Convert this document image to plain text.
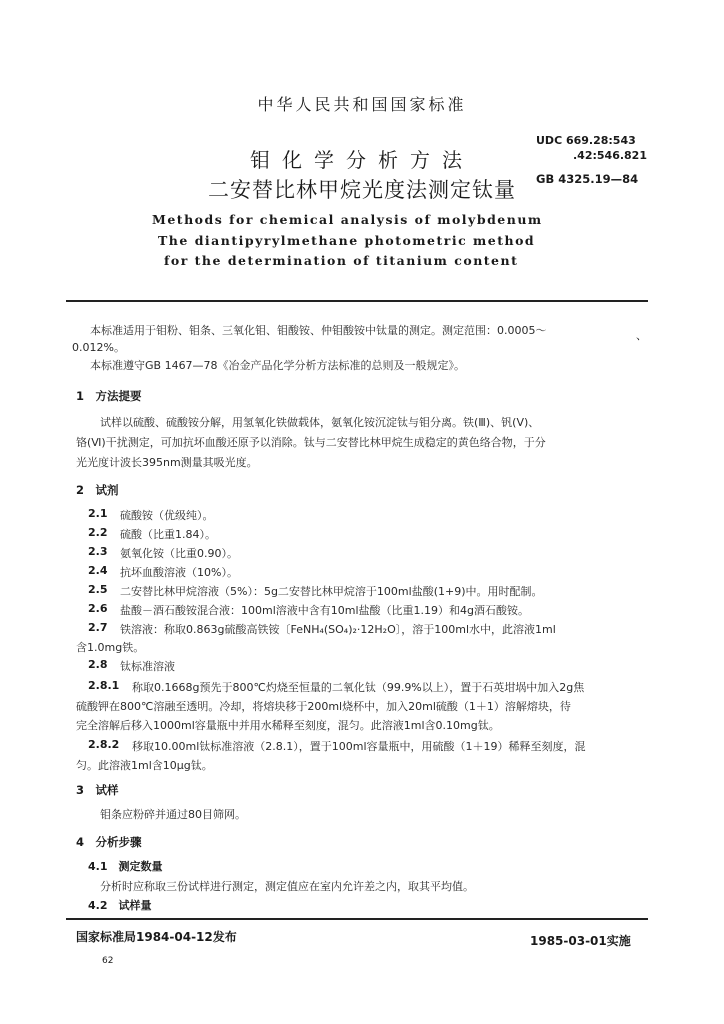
中华人民共和国国家标准
钼化学分析方法
二安替比林甲烷光度法测定钛量
Methods for chemical analysis of molybdenum
The diantipyrylmethane photometric method
for the determination of titanium content
UDC 669.28:543
.42:546.821
GB 4325.19—84
本标准适用于钼粉、钼条、三氧化钼、钼酸铵、仲钼酸铵中钛量的测定。测定范围：0.0005～	、
0.012%。
本标准遵守GB 1467—78《冶金产品化学分析方法标准的总则及一般规定》。
1　方法提要
试样以硫酸、硫酸铵分解，用氢氧化铁做载体，氨氧化铵沉淀钛与钼分离。铁(Ⅲ)、钒(Ⅴ)、
铬(Ⅵ)干扰测定，可加抗坏血酸还原予以消除。钛与二安替比林甲烷生成稳定的黄色络合物，于分
光光度计波长395nm测量其吸光度。
2　试剂
2.1 硫酸铵（优级纯）。
2.2 硫酸（比重1.84）。
2.3 氨氧化铵（比重0.90）。
2.4 抗坏血酸溶液（10%）。
2.5 二安替比林甲烷溶液（5%）：5g二安替比林甲烷溶于100ml盐酸(1+9)中。用时配制。
2.6 盐酸－酒石酸铵混合液：100ml溶液中含有10ml盐酸（比重1.19）和4g酒石酸铵。
2.7 铁溶液：称取0.863g硫酸高铁铵〔FeNH₄(SO₄)₂·12H₂O〕，溶于100ml水中，此溶液1ml
含1.0mg铁。
2.8 钛标准溶液
2.8.1 称取0.1668g预先于800℃灼烧至恒量的二氧化钛（99.9%以上），置于石英坩埚中加入2g焦
硫酸钾在800℃溶融至透明。冷却，将熔块移于200ml烧杯中，加入20ml硫酸（1＋1）溶解熔块，待
完全溶解后移入1000ml容量瓶中并用水稀释至刻度，混匀。此溶液1ml含0.10mg钛。
2.8.2 移取10.00ml钛标准溶液（2.8.1），置于100ml容量瓶中，用硫酸（1＋19）稀释至刻度，混
匀。此溶液1ml含10μg钛。
3　试样
钼条应粉碎并通过80目筛网。
4　分析步骤
4.1　测定数量
分析时应称取三份试样进行测定，测定值应在室内允许差之内，取其平均值。
4.2　试样量
国家标准局1984-04-12发布	1985-03-01实施
62
